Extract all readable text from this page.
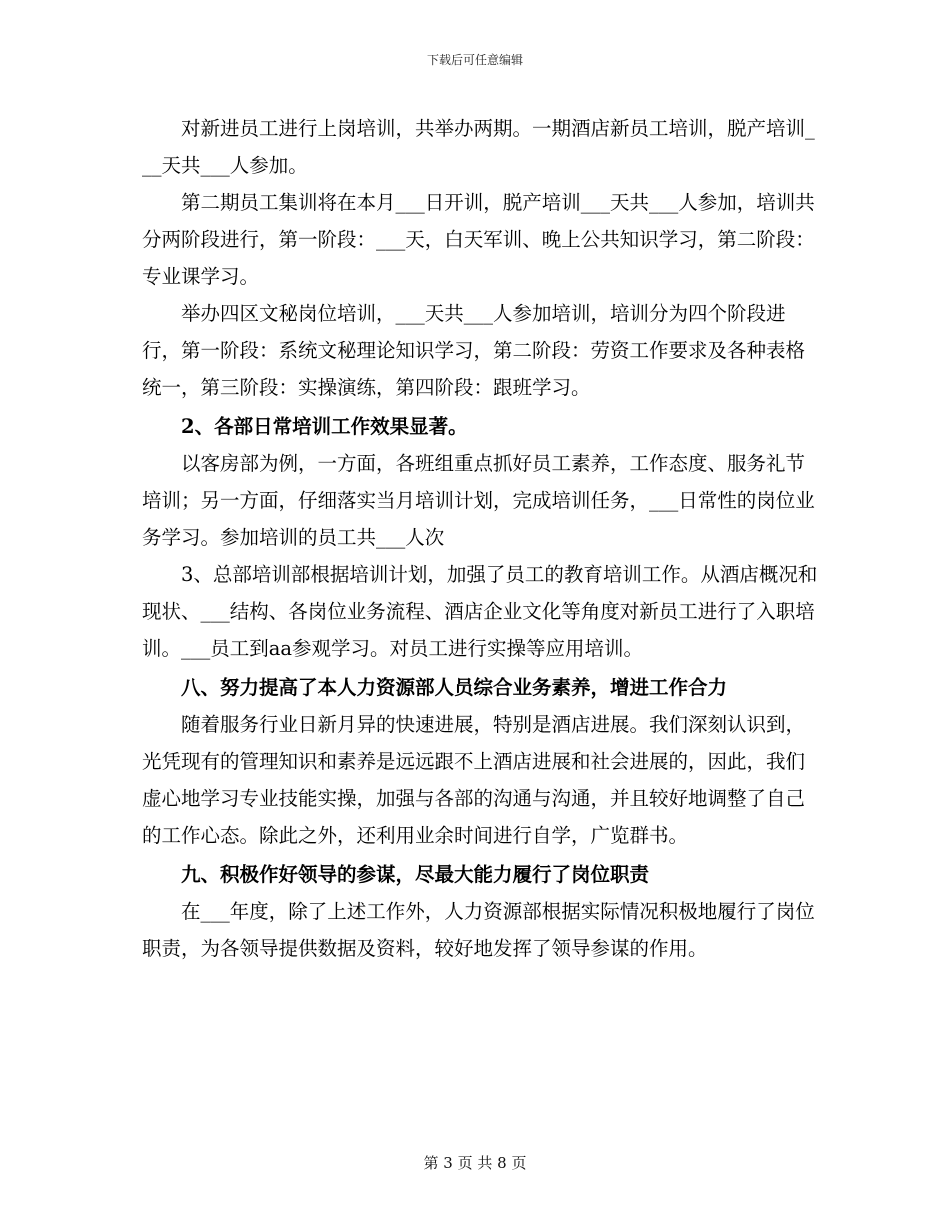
下载后可任意编辑

对新进员工进行上岗培训，共举办两期。一期酒店新员工培训，脱产培训___天共___人参加。

第二期员工集训将在本月___日开训，脱产培训___天共___人参加，培训共分两阶段进行，第一阶段：___天，白天军训、晚上公共知识学习，第二阶段：专业课学习。

举办四区文秘岗位培训，___天共___人参加培训，培训分为四个阶段进行，第一阶段：系统文秘理论知识学习，第二阶段：劳资工作要求及各种表格统一，第三阶段：实操演练，第四阶段：跟班学习。

2、各部日常培训工作效果显著。

以客房部为例，一方面，各班组重点抓好员工素养，工作态度、服务礼节培训；另一方面，仔细落实当月培训计划，完成培训任务，___日常性的岗位业务学习。参加培训的员工共___人次

3、总部培训部根据培训计划，加强了员工的教育培训工作。从酒店概况和现状、___结构、各岗位业务流程、酒店企业文化等角度对新员工进行了入职培训。___员工到aa参观学习。对员工进行实操等应用培训。

八、努力提高了本人力资源部人员综合业务素养，增进工作合力

随着服务行业日新月异的快速进展，特别是酒店进展。我们深刻认识到，光凭现有的管理知识和素养是远远跟不上酒店进展和社会进展的，因此，我们虚心地学习专业技能实操，加强与各部的沟通与沟通，并且较好地调整了自己的工作心态。除此之外，还利用业余时间进行自学，广览群书。

九、积极作好领导的参谋，尽最大能力履行了岗位职责

在___年度，除了上述工作外，人力资源部根据实际情况积极地履行了岗位职责，为各领导提供数据及资料，较好地发挥了领导参谋的作用。

第 3 页 共 8 页
